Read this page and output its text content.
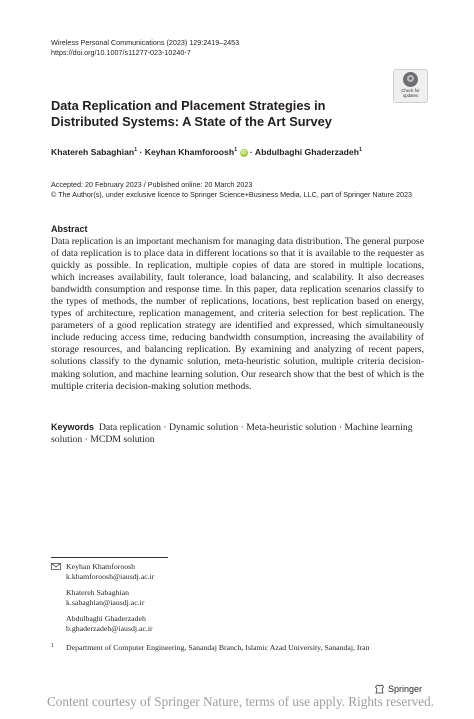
Wireless Personal Communications (2023) 129:2419–2453
https://doi.org/10.1007/s11277-023-10240-7
Check for
updates
Data Replication and Placement Strategies in Distributed Systems: A State of the Art Survey
Khatereh Sabaghian$^1$ · Keyhan Khamforoosh$^1$ iD · Abdulbaghi Ghaderzadeh$^1$
Accepted: 20 February 2023 / Published online: 20 March 2023
© The Author(s), under exclusive licence to Springer Science+Business Media, LLC, part of Springer Nature 2023
Abstract
Data replication is an important mechanism for managing data distribution. The general purpose of data replication is to place data in different locations so that it is available to the requester as quickly as possible. In replication, multiple copies of data are stored in multiple locations, which increases availability, fault tolerance, load balancing, and scalability. It also decreases bandwidth consumption and response time. In this paper, data replication scenarios classify to the types of methods, the number of replications, locations, best replication based on energy, types of architecture, replication management, and criteria selection for best replication. The parameters of a good replication strategy are identified and expressed, which simultaneously include reducing access time, reducing bandwidth consumption, increasing the availability of storage resources, and balancing replication. By examining and analyzing of recent papers, solutions classify to the dynamic solution, meta-heuristic solution, multiple criteria decision-making solution, and machine learning solution. Our research show that the best of which is the multiple criteria decision-making solution methods.
Keywords Data replication · Dynamic solution · Meta-heuristic solution · Machine learning solution · MCDM solution
Keyhan Khamforoosh
k.khamforoosh@iausdj.ac.ir
Khatereh Sabaghian
k.sabaghian@iausdj.ac.ir
Abdulbaghi Ghaderzadeh
b.ghaderzadeh@iausdj.ac.ir
1 Department of Computer Engineering, Sanandaj Branch, Islamic Azad University, Sanandaj, Iran
Springer
Content courtesy of Springer Nature, terms of use apply. Rights reserved.
